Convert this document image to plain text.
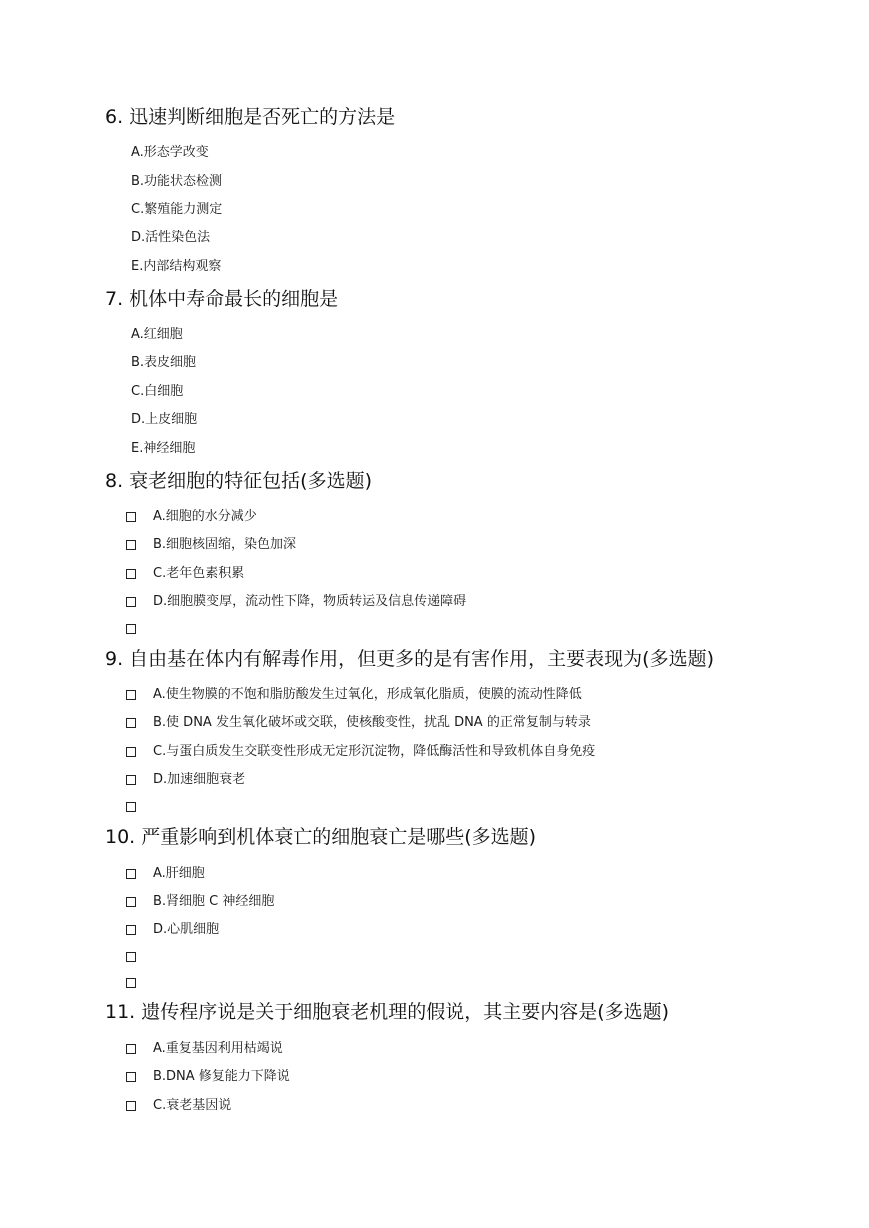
6. 迅速判断细胞是否死亡的方法是
A.形态学改变
B.功能状态检测
C.繁殖能力测定
D.活性染色法
E.内部结构观察
7. 机体中寿命最长的细胞是
A.红细胞
B.表皮细胞
C.白细胞
D.上皮细胞
E.神经细胞
8. 衰老细胞的特征包括(多选题)
A.细胞的水分减少
B.细胞核固缩，染色加深
C.老年色素积累
D.细胞膜变厚，流动性下降，物质转运及信息传递障碍
9. 自由基在体内有解毒作用，但更多的是有害作用，主要表现为(多选题)
A.使生物膜的不饱和脂肪酸发生过氧化，形成氧化脂质，使膜的流动性降低
B.使 DNA 发生氧化破坏或交联，使核酸变性，扰乱 DNA 的正常复制与转录
C.与蛋白质发生交联变性形成无定形沉淀物，降低酶活性和导致机体自身免疫
D.加速细胞衰老
10. 严重影响到机体衰亡的细胞衰亡是哪些(多选题)
A.肝细胞
B.肾细胞 C 神经细胞
D.心肌细胞
11. 遗传程序说是关于细胞衰老机理的假说，其主要内容是(多选题)
A.重复基因利用枯竭说
B.DNA 修复能力下降说
C.衰老基因说
